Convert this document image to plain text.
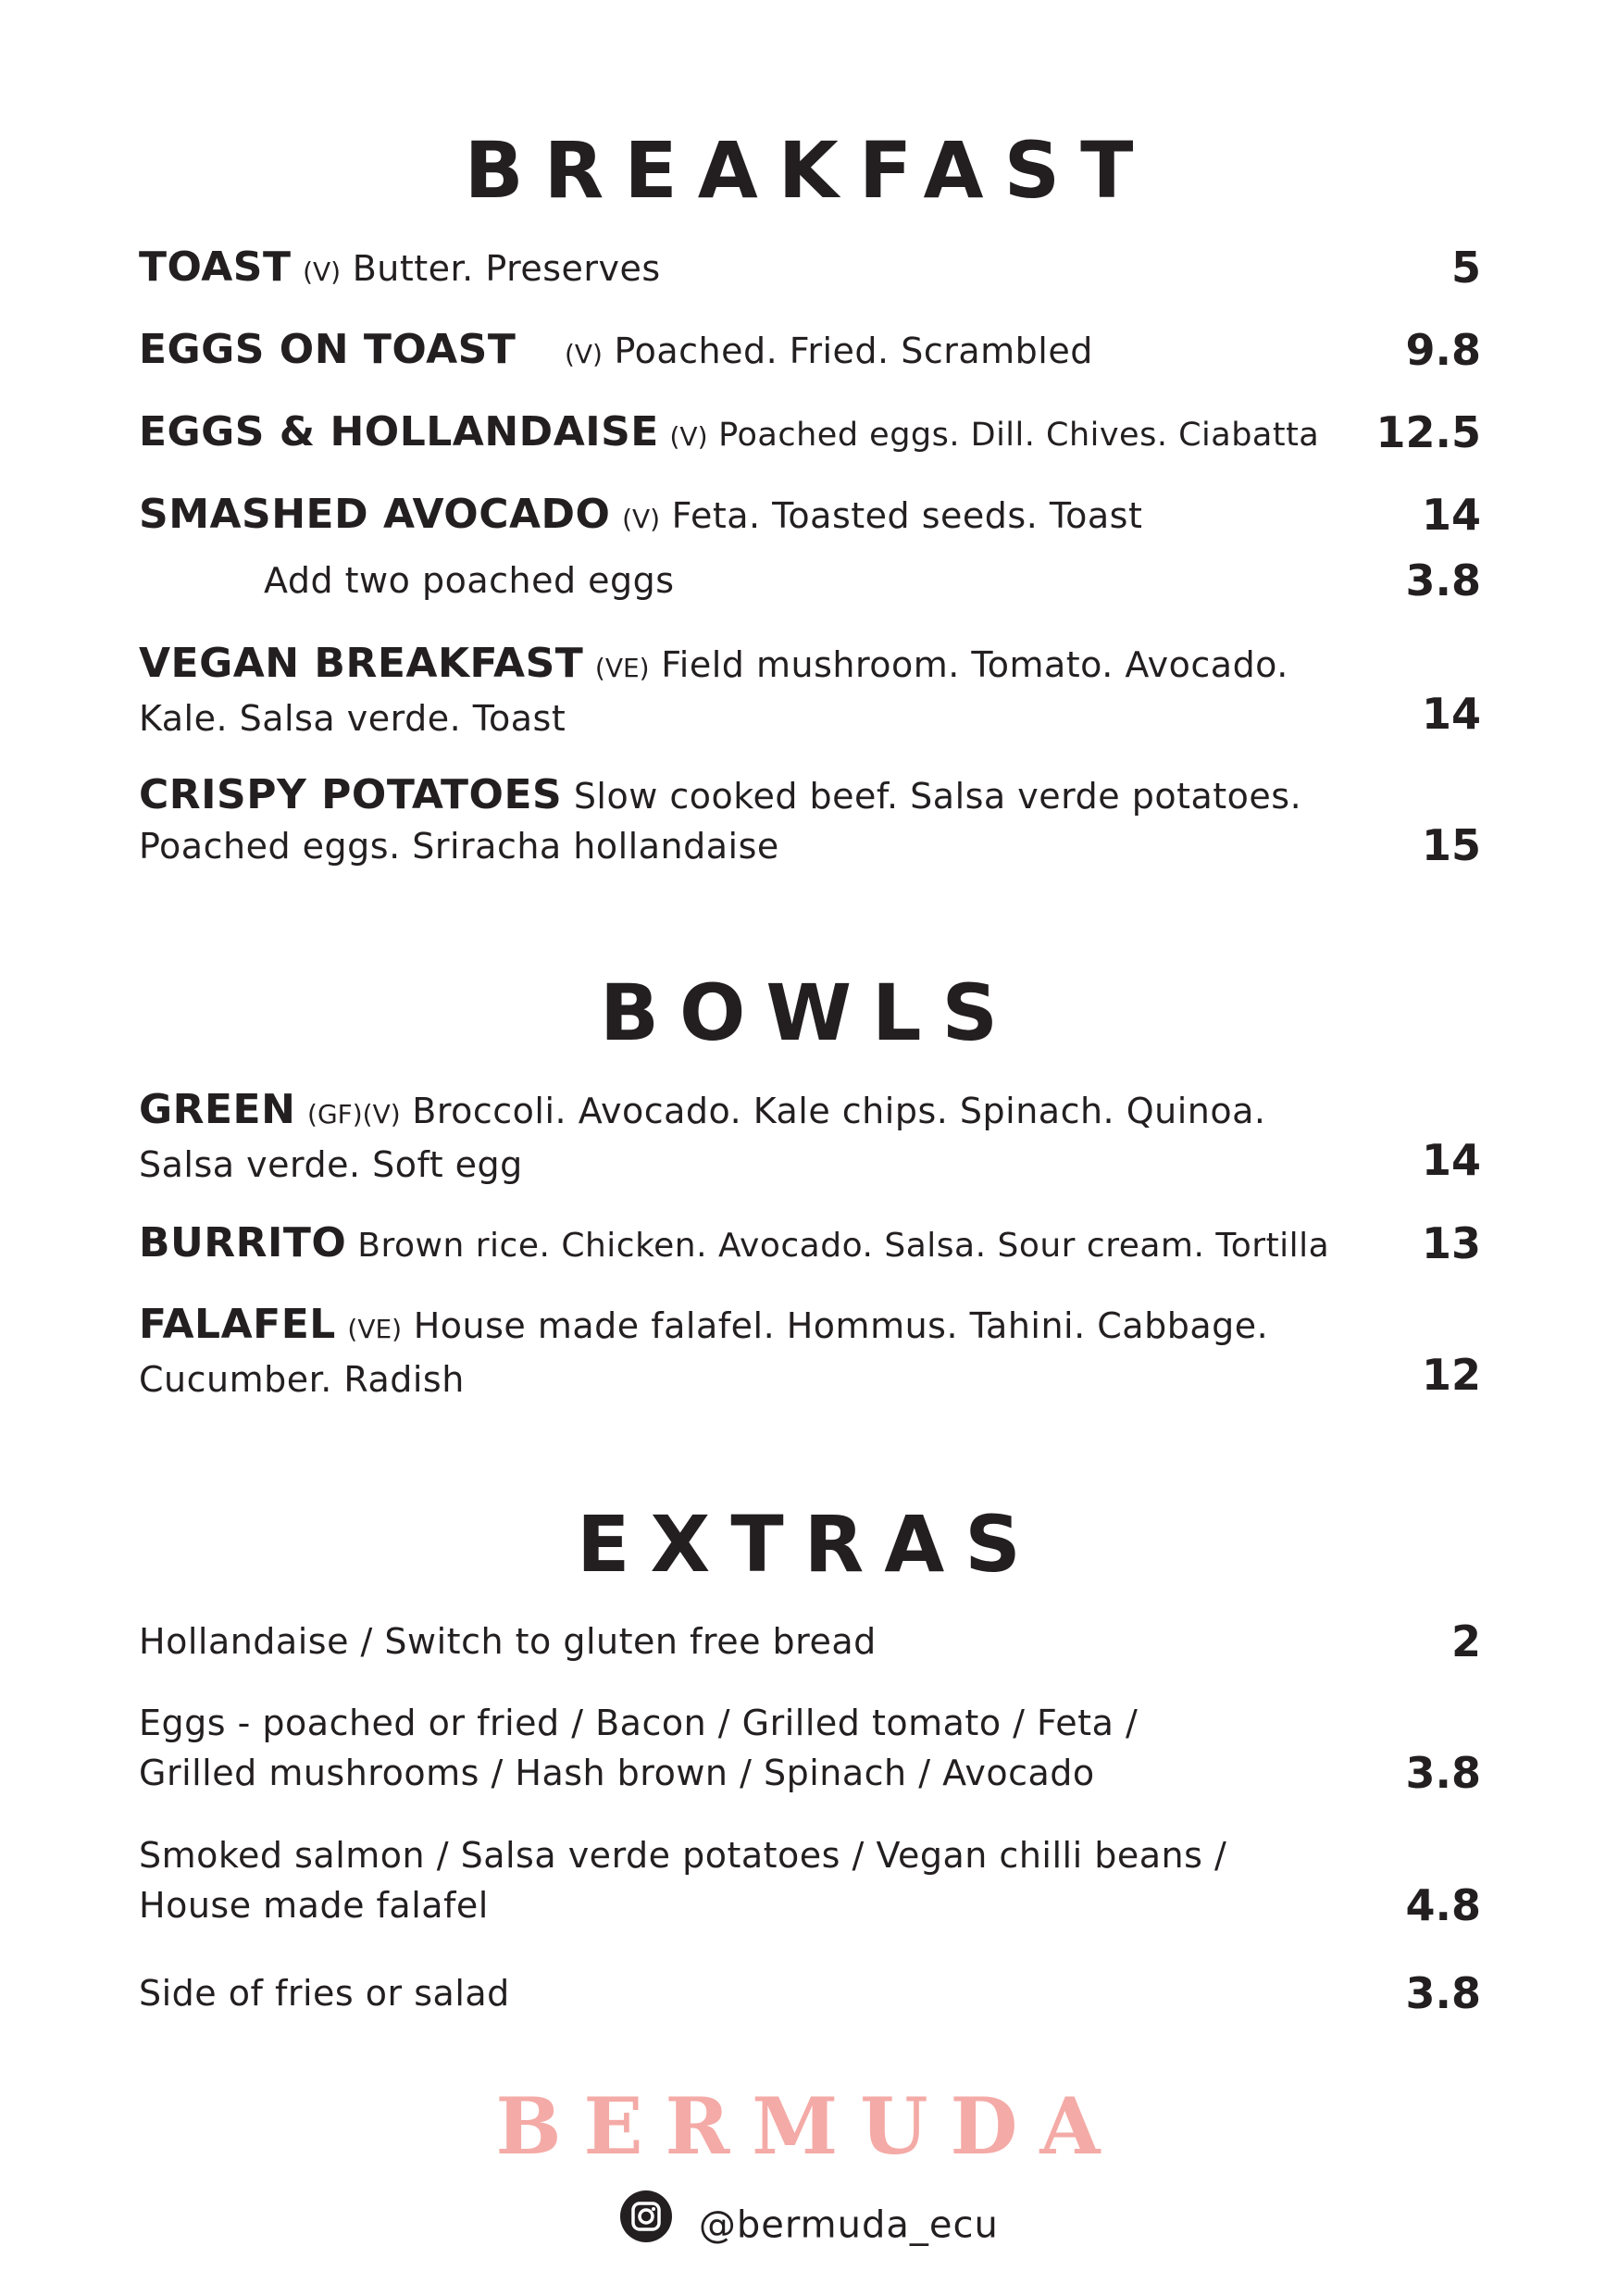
BREAKFAST
TOAST (V) Butter. Preserves	5
EGGS ON TOAST (V) Poached. Fried. Scrambled	9.8
EGGS & HOLLANDAISE (V) Poached eggs. Dill. Chives. Ciabatta	12.5
SMASHED AVOCADO (V) Feta. Toasted seeds. Toast	14
Add two poached eggs	3.8
VEGAN BREAKFAST (VE) Field mushroom. Tomato. Avocado.
Kale. Salsa verde. Toast	14
CRISPY POTATOES Slow cooked beef. Salsa verde potatoes.
Poached eggs. Sriracha hollandaise	15
BOWLS
GREEN (GF)(V) Broccoli. Avocado. Kale chips. Spinach. Quinoa.
Salsa verde. Soft egg	14
BURRITO Brown rice. Chicken. Avocado. Salsa. Sour cream. Tortilla	13
FALAFEL (VE) House made falafel. Hommus. Tahini. Cabbage.
Cucumber. Radish	12
EXTRAS
Hollandaise / Switch to gluten free bread	2
Eggs - poached or fried / Bacon / Grilled tomato / Feta /
Grilled mushrooms / Hash brown / Spinach / Avocado	3.8
Smoked salmon / Salsa verde potatoes / Vegan chilli beans /
House made falafel	4.8
Side of fries or salad	3.8
BERMUDA
@bermuda_ecu
